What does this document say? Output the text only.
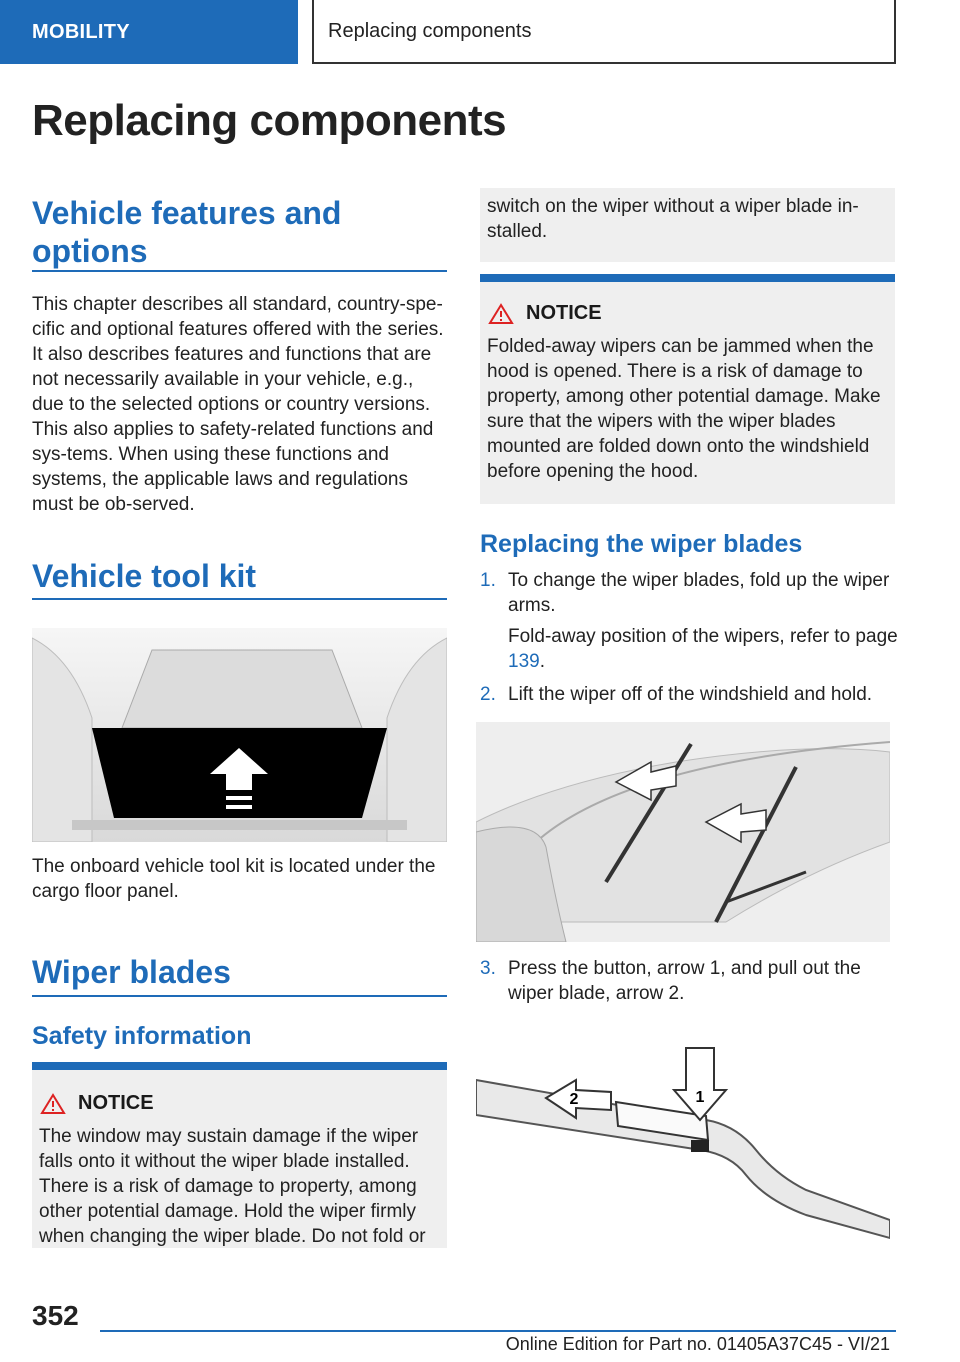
MOBILITY	Replacing components
Replacing components
Vehicle features and options

This chapter describes all standard, country-spe-cific and optional features offered with the series. It also describes features and functions that are not necessarily available in your vehicle, e.g., due to the selected options or country versions. This also applies to safety-related functions and sys-tems. When using these functions and systems, the applicable laws and regulations must be ob-served.

Vehicle tool kit

The onboard vehicle tool kit is located under the cargo floor panel.

Wiper blades
Safety information
NOTICE
The window may sustain damage if the wiper falls onto it without the wiper blade installed. There is a risk of damage to property, among other potential damage. Hold the wiper firmly when changing the wiper blade. Do not fold or
switch on the wiper without a wiper blade in-stalled.
NOTICE
Folded-away wipers can be jammed when the hood is opened. There is a risk of damage to property, among other potential damage. Make sure that the wipers with the wiper blades mounted are folded down onto the windshield before opening the hood.
Replacing the wiper blades
1. To change the wiper blades, fold up the wiper arms.
Fold-away position of the wipers, refer to page 139.
2. Lift the wiper off of the windshield and hold.
3. Press the button, arrow 1, and pull out the wiper blade, arrow 2.
1
2
352
Online Edition for Part no. 01405A37C45 - VI/21
